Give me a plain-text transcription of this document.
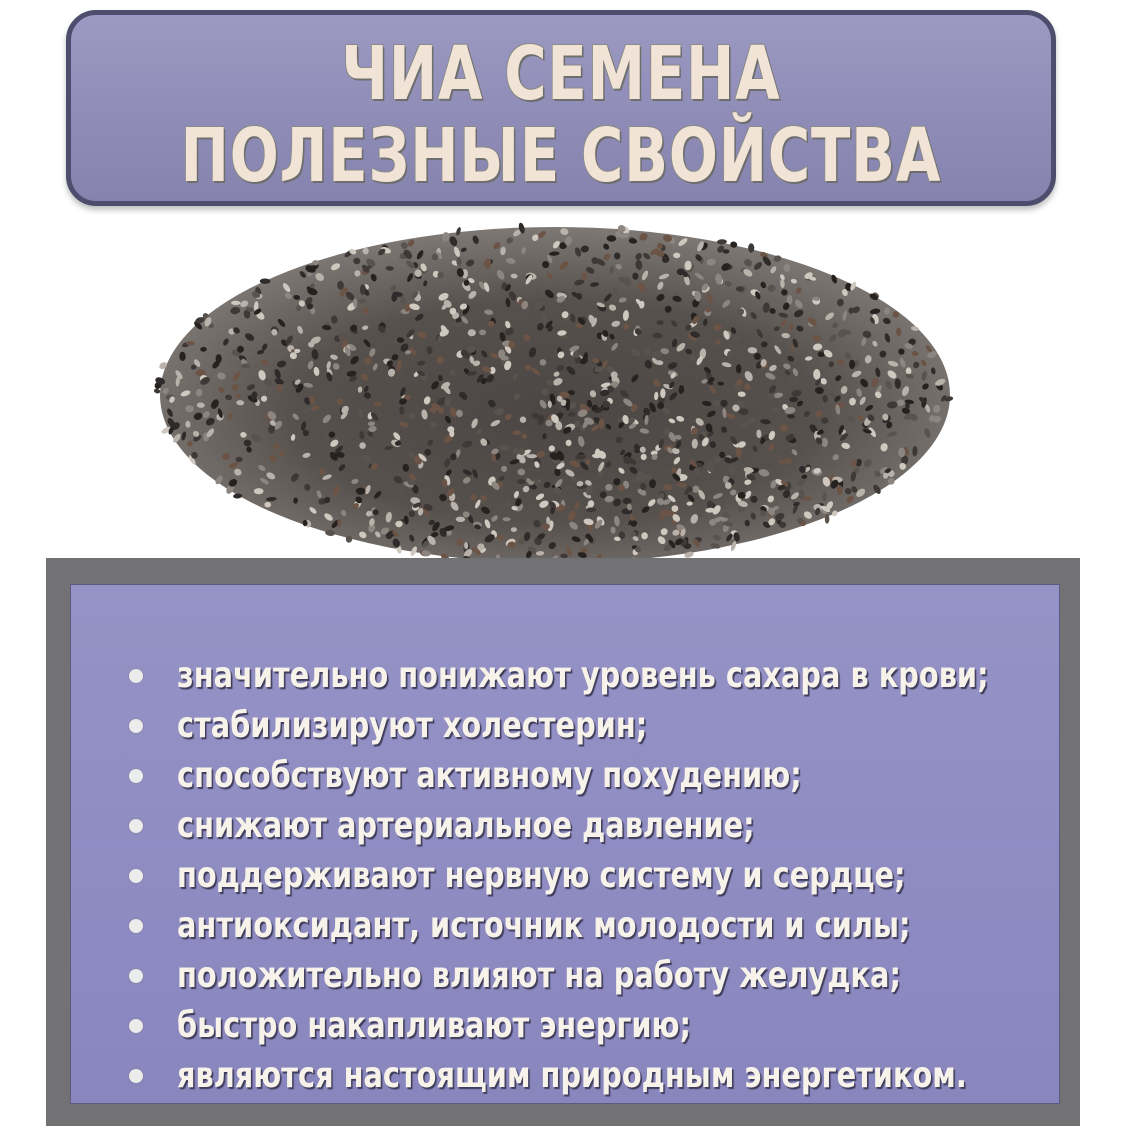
ЧИА СЕМЕНА
ПОЛЕЗНЫЕ СВОЙСТВА
значительно понижают уровень сахара в крови;
стабилизируют холестерин;
способствуют активному похудению;
снижают артериальное давление;
поддерживают нервную систему и сердце;
антиоксидант, источник молодости и силы;
положительно влияют на работу желудка;
быстро накапливают энергию;
являются настоящим природным энергетиком.
